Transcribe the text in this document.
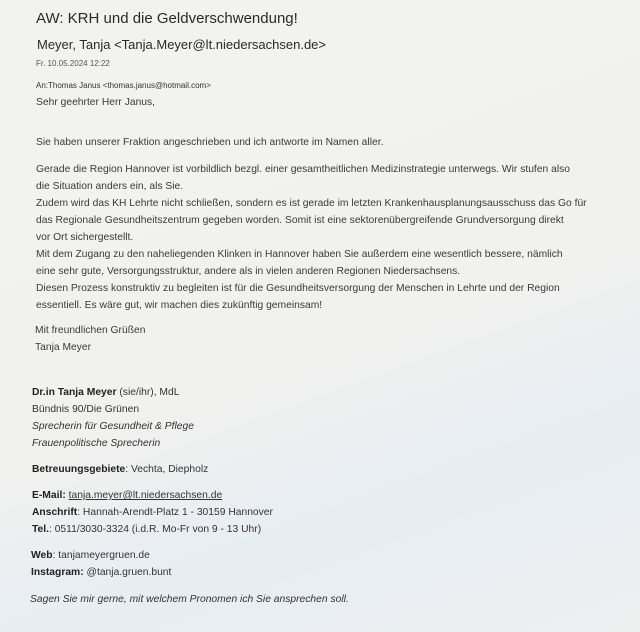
AW: KRH und die Geldverschwendung!
Meyer, Tanja <Tanja.Meyer@lt.niedersachsen.de>
Fr. 10.05.2024 12:22
An:Thomas Janus <thomas.janus@hotmail.com>
Sehr geehrter Herr Janus,
Sie haben unserer Fraktion angeschrieben und ich antworte im Namen aller.
Gerade die Region Hannover ist vorbildlich bezgl. einer gesamtheitlichen Medizinstrategie unterwegs. Wir stufen also
die Situation anders ein, als Sie.
Zudem wird das KH Lehrte nicht schließen, sondern es ist gerade im letzten Krankenhausplanungsausschuss das Go für
das Regionale Gesundheitszentrum gegeben worden. Somit ist eine sektorenübergreifende Grundversorgung direkt
vor Ort sichergestellt.
Mit dem Zugang zu den naheliegenden Klinken in Hannover haben Sie außerdem eine wesentlich bessere, nämlich
eine sehr gute, Versorgungsstruktur, andere als in vielen anderen Regionen Niedersachsens.
Diesen Prozess konstruktiv zu begleiten ist für die Gesundheitsversorgung der Menschen in Lehrte und der Region
essentiell. Es wäre gut, wir machen dies zukünftig gemeinsam!
Mit freundlichen Grüßen
Tanja Meyer
Dr.in Tanja Meyer (sie/ihr), MdL
Bündnis 90/Die Grünen
Sprecherin für Gesundheit & Pflege
Frauenpolitische Sprecherin
Betreuungsgebiete: Vechta, Diepholz
E-Mail: tanja.meyer@lt.niedersachsen.de
Anschrift: Hannah-Arendt-Platz 1 - 30159 Hannover
Tel.: 0511/3030-3324 (i.d.R. Mo-Fr von 9 - 13 Uhr)
Web: tanjameyergruen.de
Instagram: @tanja.gruen.bunt
Sagen Sie mir gerne, mit welchem Pronomen ich Sie ansprechen soll.
